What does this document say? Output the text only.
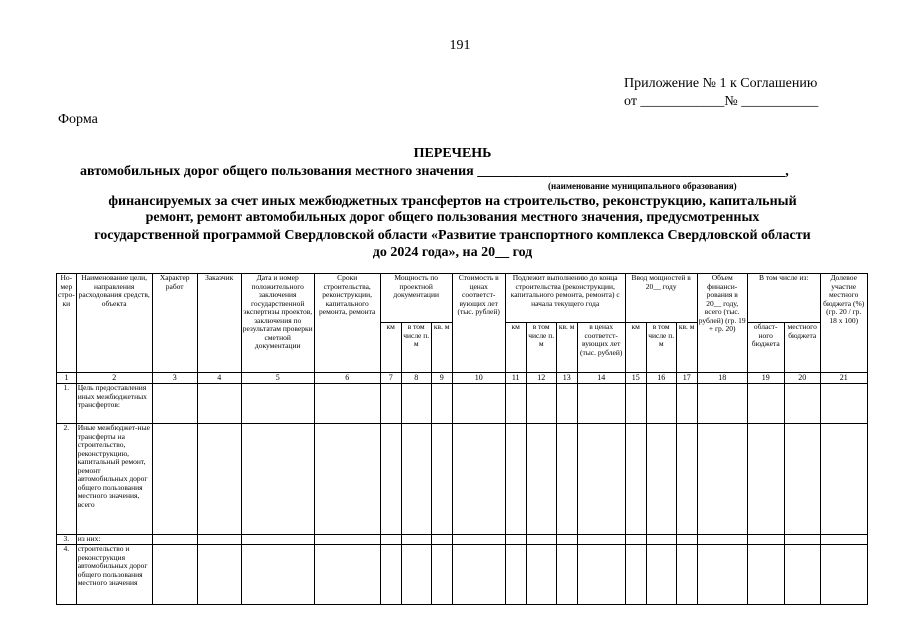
191
Приложение № 1 к Соглашению
от ____________№ ___________
Форма
ПЕРЕЧЕНЬ
автомобильных дорог общего пользования местного значения ____________________________________________,
(наименование муниципального образования)
финансируемых за счет иных межбюджетных трансфертов на строительство, реконструкцию, капитальный
ремонт, ремонт автомобильных дорог общего пользования местного значения, предусмотренных
государственной программой Свердловской области «Развитие транспортного комплекса Свердловской области
до 2024 года», на 20__ год
Но-мер стро-ки	Наименование цели, направления расходования средств, объекта	Характер работ	Заказчик	Дата и номер положительного заключения государственной экспертизы проектов, заключения по результатам проверки сметной документации	Сроки строительства, реконструкции, капитального ремонта, ремонта	Мощность по проектной документации			Стоимость в ценах соответст-вующих лет (тыс. рублей)	Подлежит выполнению до конца строительства (реконструкции, капитального ремонта, ремонта) с начала текущего года				Ввод мощностей в 20__ году			Объем финанси-рования в 20__ году, всего (тыс. рублей) (гр. 19 + гр. 20)	В том числе из:		Долевое участие местного бюджета (%) (гр. 20 / гр. 18 х 100)
						км	в том числе п. м	кв. м		км	в том числе п. м	кв. м	в ценах соответст-вующих лет (тыс. рублей)	км	в том числе п. м	кв. м		област-ного бюджета	местного бюджета	
1	2	3	4	5	6	7	8	9	10	11	12	13	14	15	16	17	18	19	20	21
1.	Цель предоставления иных межбюджетных трансфертов:																			
2.	Иные межбюджет-ные трансферты на строительство, реконструкцию, капитальный ремонт, ремонт автомобильных дорог общего пользования местного значения, всего																			
3.	из них:																			
4.	строительство и реконструкция автомобильных дорог общего пользования местного значения																			
